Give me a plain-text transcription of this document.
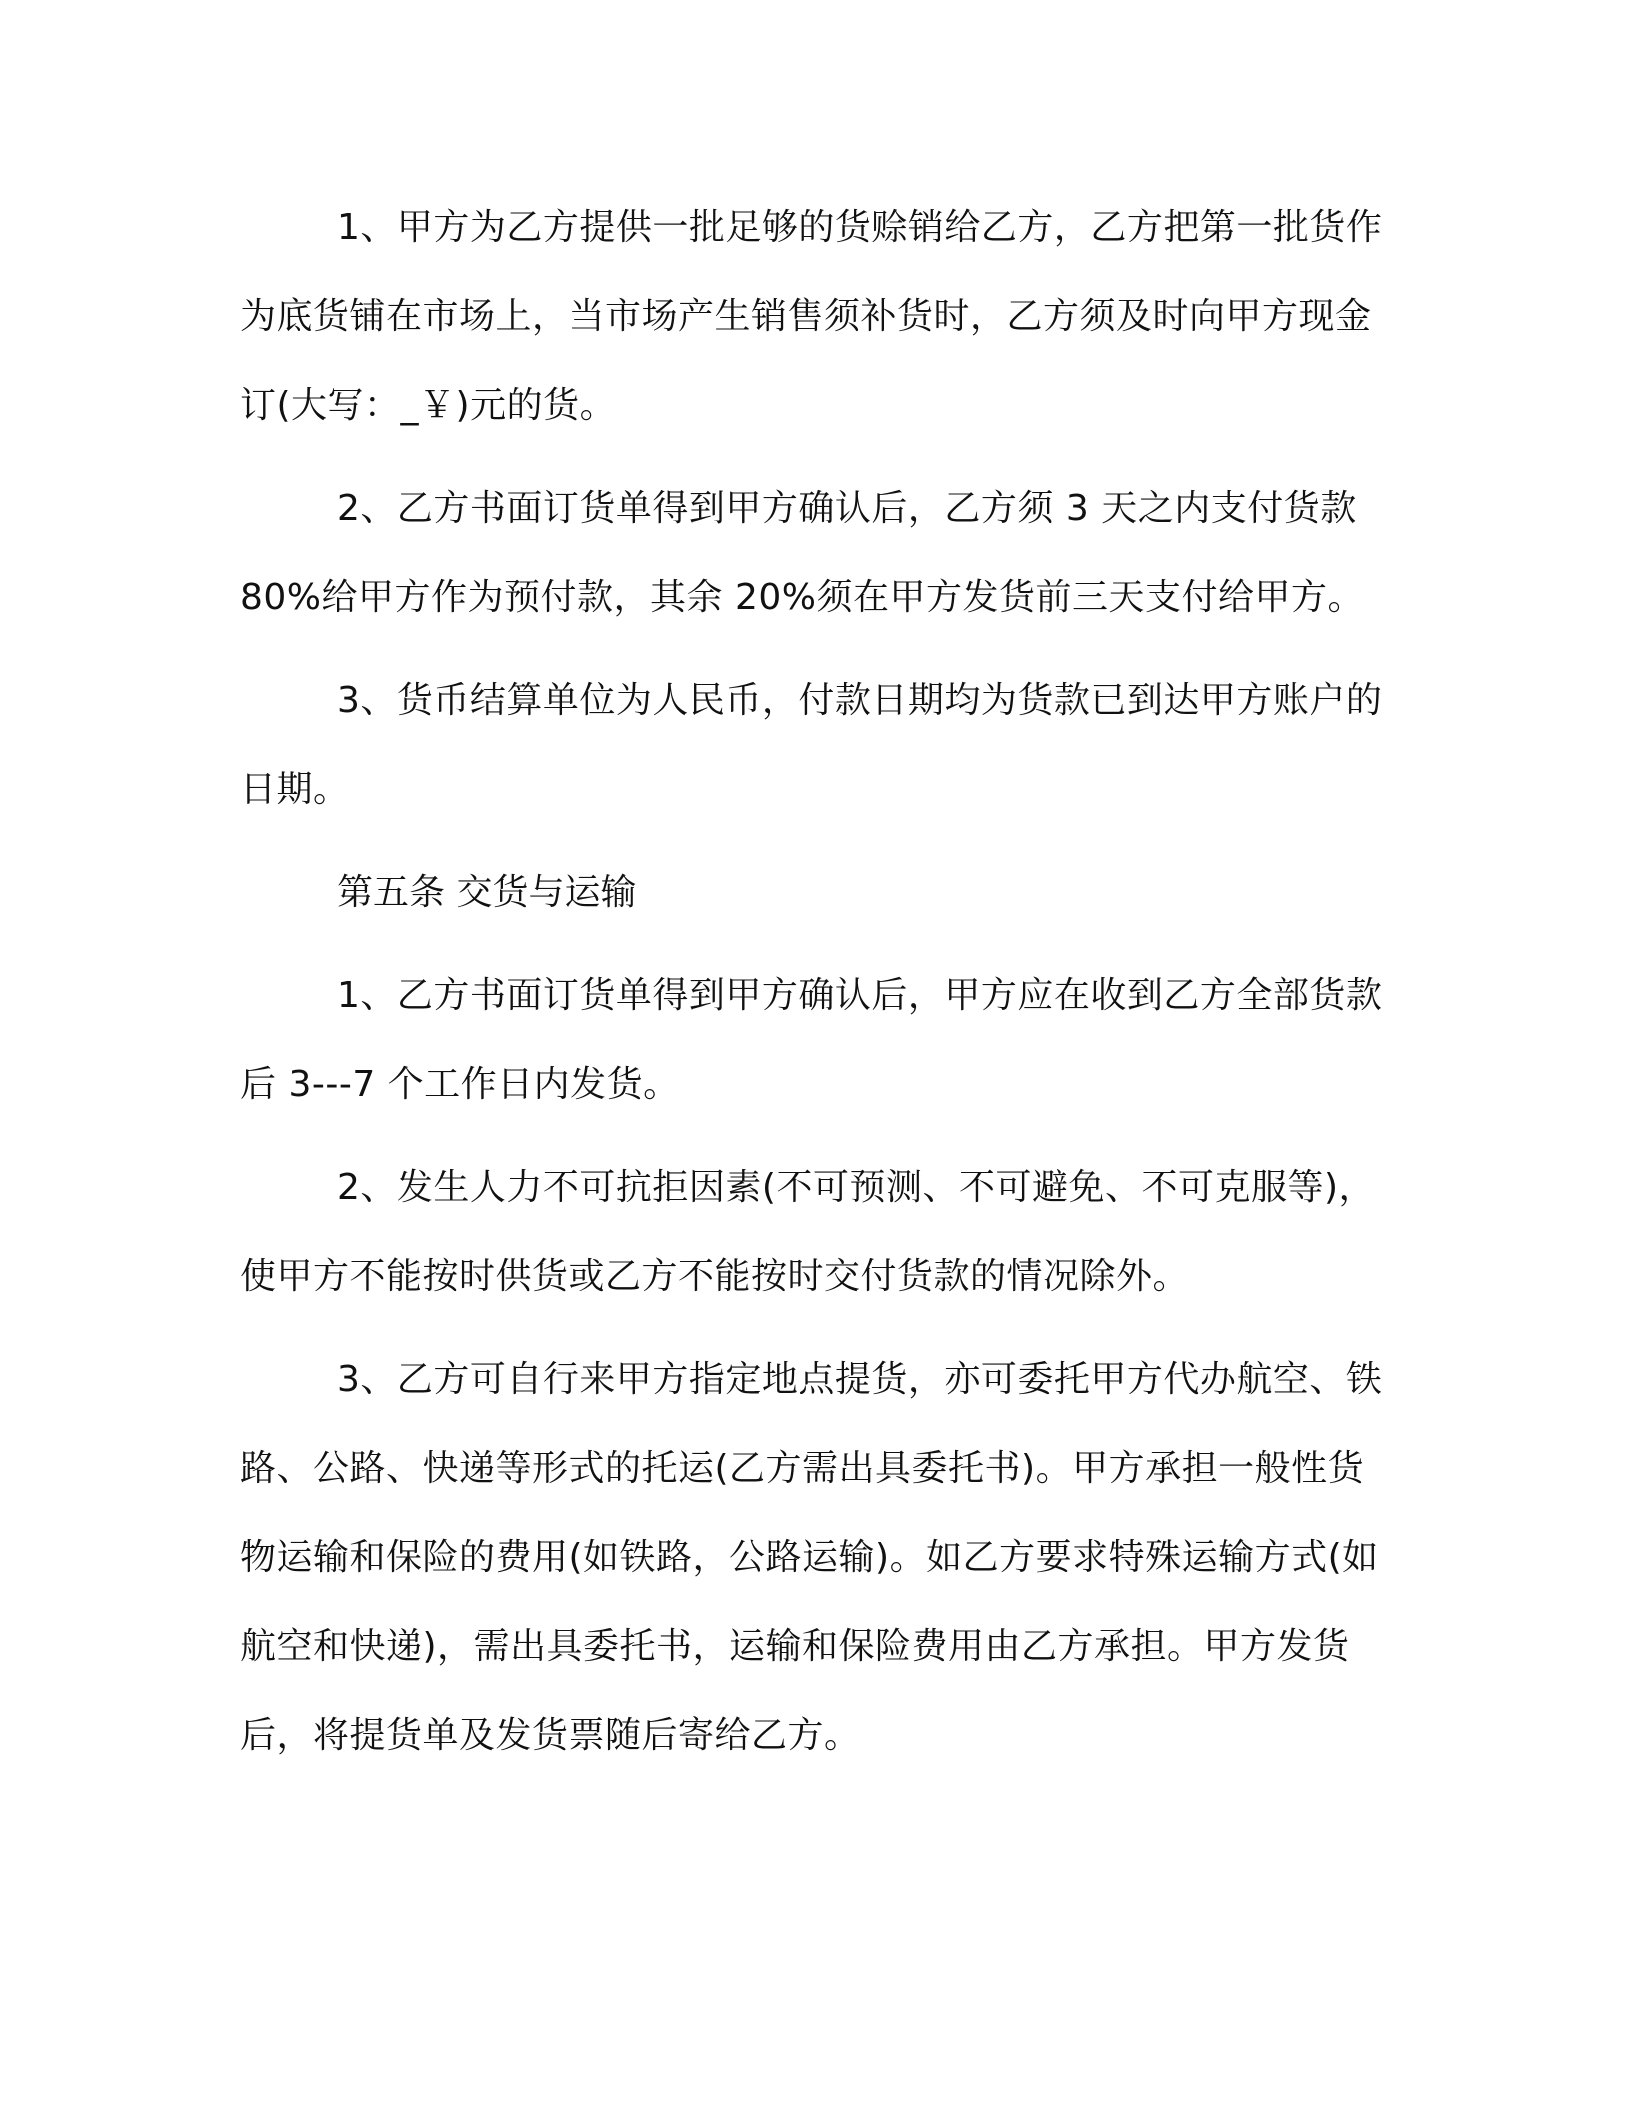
1、甲方为乙方提供一批足够的货赊销给乙方，乙方把第一批货作为底货铺在市场上，当市场产生销售须补货时，乙方须及时向甲方现金订(大写：_￥)元的货。

2、乙方书面订货单得到甲方确认后，乙方须 3 天之内支付货款 80%给甲方作为预付款，其余 20%须在甲方发货前三天支付给甲方。

3、货币结算单位为人民币，付款日期均为货款已到达甲方账户的日期。

第五条 交货与运输

1、乙方书面订货单得到甲方确认后，甲方应在收到乙方全部货款后 3---7 个工作日内发货。

2、发生人力不可抗拒因素(不可预测、不可避免、不可克服等)，使甲方不能按时供货或乙方不能按时交付货款的情况除外。

3、乙方可自行来甲方指定地点提货，亦可委托甲方代办航空、铁路、公路、快递等形式的托运(乙方需出具委托书)。甲方承担一般性货物运输和保险的费用(如铁路，公路运输)。如乙方要求特殊运输方式(如航空和快递)，需出具委托书，运输和保险费用由乙方承担。甲方发货后，将提货单及发货票随后寄给乙方。
